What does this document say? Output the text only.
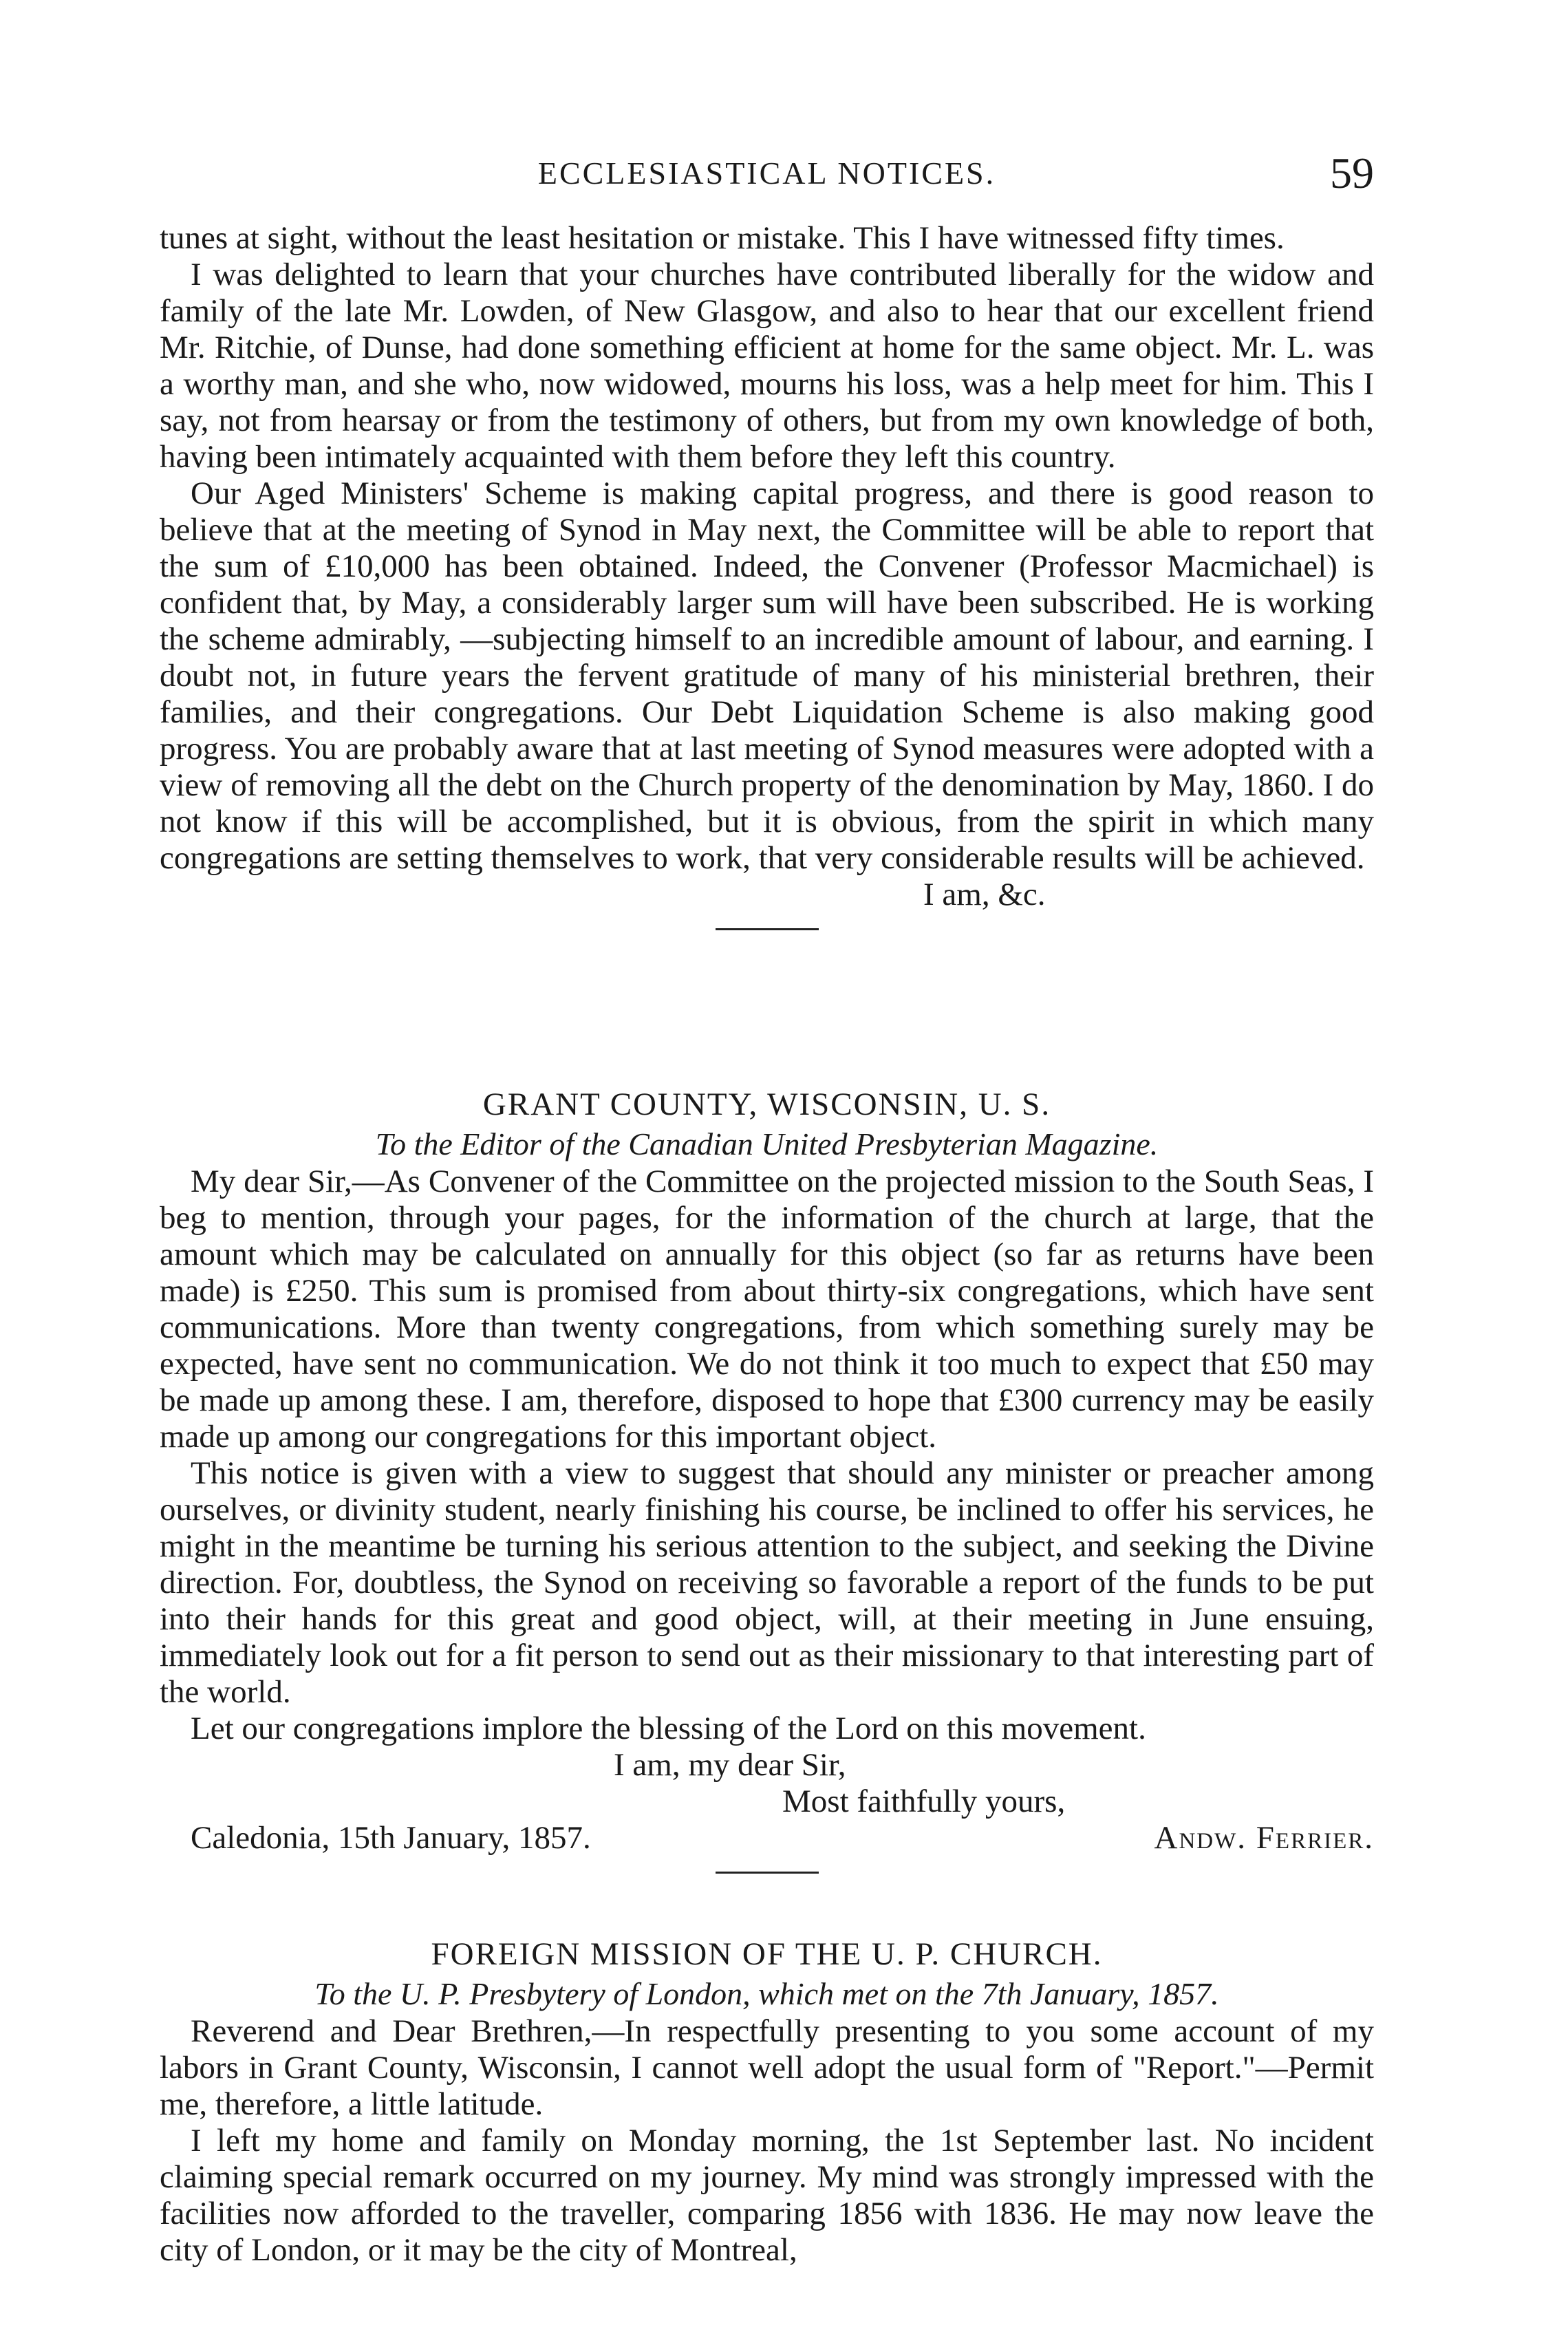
ECCLESIASTICAL NOTICES.	59

tunes at sight, without the least hesitation or mistake. This I have witnessed fifty times.

I was delighted to learn that your churches have contributed liberally for the widow and family of the late Mr. Lowden, of New Glasgow, and also to hear that our excellent friend Mr. Ritchie, of Dunse, had done something efficient at home for the same object. Mr. L. was a worthy man, and she who, now widowed, mourns his loss, was a help meet for him. This I say, not from hearsay or from the testimony of others, but from my own knowledge of both, having been intimately acquainted with them before they left this country.

Our Aged Ministers' Scheme is making capital progress, and there is good reason to believe that at the meeting of Synod in May next, the Committee will be able to report that the sum of £10,000 has been obtained. Indeed, the Convener (Professor Macmichael) is confident that, by May, a considerably larger sum will have been subscribed. He is working the scheme admirably, —subjecting himself to an incredible amount of labour, and earning. I doubt not, in future years the fervent gratitude of many of his ministerial brethren, their families, and their congregations. Our Debt Liquidation Scheme is also making good progress. You are probably aware that at last meeting of Synod measures were adopted with a view of removing all the debt on the Church property of the denomination by May, 1860. I do not know if this will be accomplished, but it is obvious, from the spirit in which many congregations are setting themselves to work, that very considerable results will be achieved.

I am, &c.

GRANT COUNTY, WISCONSIN, U. S.

To the Editor of the Canadian United Presbyterian Magazine.

My dear Sir,—As Convener of the Committee on the projected mission to the South Seas, I beg to mention, through your pages, for the information of the church at large, that the amount which may be calculated on annually for this object (so far as returns have been made) is £250. This sum is promised from about thirty-six congregations, which have sent communications. More than twenty congregations, from which something surely may be expected, have sent no communication. We do not think it too much to expect that £50 may be made up among these. I am, therefore, disposed to hope that £300 currency may be easily made up among our congregations for this important object.

This notice is given with a view to suggest that should any minister or preacher among ourselves, or divinity student, nearly finishing his course, be inclined to offer his services, he might in the meantime be turning his serious attention to the subject, and seeking the Divine direction. For, doubtless, the Synod on receiving so favorable a report of the funds to be put into their hands for this great and good object, will, at their meeting in June ensuing, immediately look out for a fit person to send out as their missionary to that interesting part of the world.

Let our congregations implore the blessing of the Lord on this movement.

I am, my dear Sir,

Most faithfully yours,

Caledonia, 15th January, 1857.	Andw. Ferrier.

FOREIGN MISSION OF THE U. P. CHURCH.

To the U. P. Presbytery of London, which met on the 7th January, 1857.

Reverend and Dear Brethren,—In respectfully presenting to you some account of my labors in Grant County, Wisconsin, I cannot well adopt the usual form of "Report."—Permit me, therefore, a little latitude.

I left my home and family on Monday morning, the 1st September last. No incident claiming special remark occurred on my journey. My mind was strongly impressed with the facilities now afforded to the traveller, comparing 1856 with 1836. He may now leave the city of London, or it may be the city of Montreal,
